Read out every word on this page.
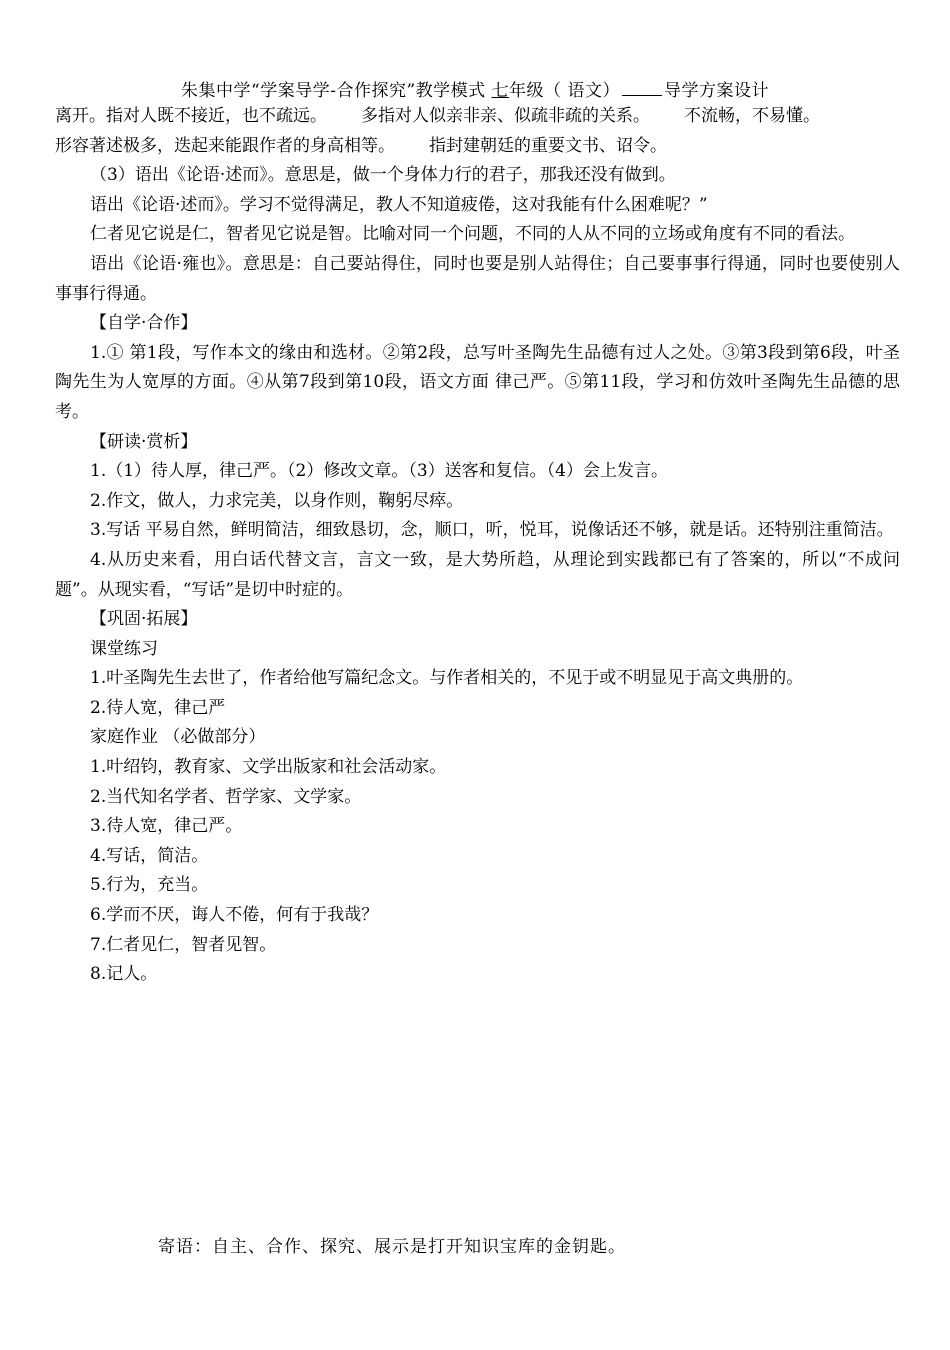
朱集中学“学案导学-合作探究”教学模式 七年级（ 语文）	导学方案设计

离开。指对人既不接近，也不疏远。 多指对人似亲非亲、似疏非疏的关系。 不流畅，不易懂。

形容著述极多，迭起来能跟作者的身高相等。 指封建朝廷的重要文书、诏令。

（3）语出《论语·述而》。意思是，做一个身体力行的君子，那我还没有做到。

语出《论语·述而》。学习不觉得满足，教人不知道疲倦，这对我能有什么困难呢？”

仁者见它说是仁，智者见它说是智。比喻对同一个问题，不同的人从不同的立场或角度有不同的看法。

语出《论语·雍也》。意思是：自己要站得住，同时也要是别人站得住；自己要事事行得通，同时也要使别人事事行得通。

【自学·合作】

1.① 第1段，写作本文的缘由和选材。②第2段，总写叶圣陶先生品德有过人之处。③第3段到第6段，叶圣陶先生为人宽厚的方面。④从第7段到第10段，语文方面 律己严。⑤第11段，学习和仿效叶圣陶先生品德的思考。

【研读·赏析】

1.（1）待人厚，律己严。（2）修改文章。（3）送客和复信。（4）会上发言。

2.作文，做人，力求完美，以身作则，鞠躬尽瘁。

3.写话 平易自然，鲜明简洁，细致恳切，念，顺口，听，悦耳，说像话还不够，就是话。还特别注重简洁。

4.从历史来看，用白话代替文言，言文一致，是大势所趋，从理论到实践都已有了答案的，所以“不成问题”。从现实看，“写话”是切中时症的。

【巩固·拓展】

课堂练习

1.叶圣陶先生去世了，作者给他写篇纪念文。与作者相关的，不见于或不明显见于高文典册的。

2.待人宽，律己严

家庭作业 （必做部分）

1.叶绍钧，教育家、文学出版家和社会活动家。

2.当代知名学者、哲学家、文学家。

3.待人宽，律己严。

4.写话，简洁。

5.行为，充当。

6.学而不厌，诲人不倦，何有于我哉？

7.仁者见仁，智者见智。

8.记人。

寄语：自主、合作、探究、展示是打开知识宝库的金钥匙。
